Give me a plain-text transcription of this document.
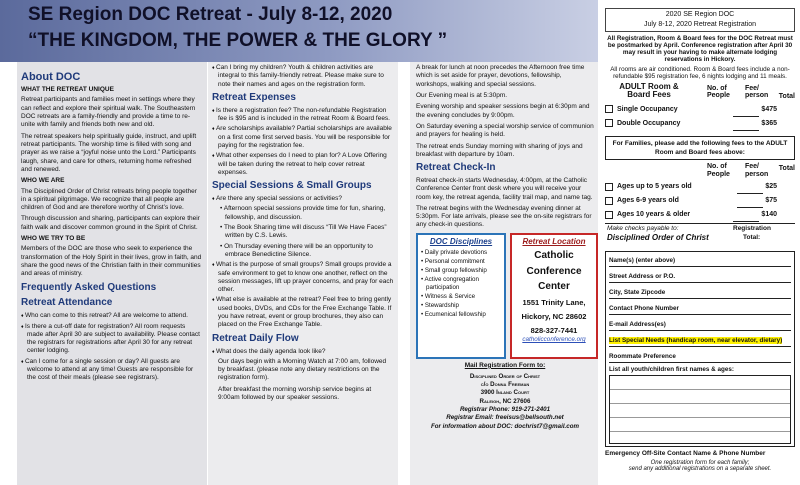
SE Region DOC Retreat - July 8-12, 2020
“THE KINGDOM, THE POWER & THE GLORY ”
About DOC
WHAT THE RETREAT UNIQUE

Retreat participants and families meet in settings where they can reflect and explore their spiritual walk. The Southeastern DOC retreats are a family-friendly and provide a time to re-unite with family and friends both new and old.

The retreat speakers help spiritually guide, instruct, and uplift retreat participants. The worship time is filled with song and prayer as we raise a “joyful noise unto the Lord.” Participants laugh, share, and care for others, returning home refreshed and renewed.

WHO WE ARE

The Disciplined Order of Christ retreats bring people together in a spiritual pilgrimage. We recognize that all people are children of God and are therefore worthy of Christ’s love.

Through discussion and sharing, participants can explore their faith walk and discover common ground in the Spirit of Christ.

WHO WE TRY TO BE

Members of the DOC are those who seek to experience the transformation of the Holy Spirit in their lives, grow in faith, and share the good news of the Christian faith in their communities and areas of ministry.

Frequently Asked Questions
Retreat Attendance
♦ Who can come to this retreat? All are welcome to attend.
♦ Is there a cut-off date for registration? All room requests made after April 30 are subject to availability. Please contact the registrars for registrations after April 30 for any retreat center lodging.
♦ Can I come for a single session or day? All guests are welcome to attend at any time! Guests are responsible for the cost of their meals (please see registrars).
♦ Can I bring my children? Youth & children activities are integral to this family-friendly retreat. Please make sure to note their names and ages on the registration form.
Retreat Expenses
♦ Is there a registration fee? The non-refundable Registration fee is $95 and is included in the retreat Room & Board fees.
♦ Are scholarships available? Partial scholarships are available on a first come first served basis. You will be responsible for paying for the registration fee.
♦ What other expenses do I need to plan for? A Love Offering will be taken during the retreat to help cover retreat expenses.
Special Sessions & Small Groups
♦ Are there any special sessions or activities?
• Afternoon special sessions provide time for fun, sharing, fellowship, and discussion.
• The Book Sharing time will discuss “Till We Have Faces” written by C.S. Lewis.
• On Thursday evening there will be an opportunity to embrace Benedictine Silence.
♦ What is the purpose of small groups? Small groups provide a safe environment to get to know one another, reflect on the session messages, lift up prayer concerns, and pray for each other.
♦ What else is available at the retreat? Feel free to bring gently used books, DVDs, and CDs for the Free Exchange Table. If you have retreat, event or group brochures, they also can placed on the Free Exchange Table.
Retreat Daily Flow
♦ What does the daily agenda look like?

Our days begin with a Morning Watch at 7:00 am, followed by breakfast. (please note any dietary restrictions on the registration form).

After breakfast the morning worship service begins at 9:00am followed by our speaker sessions.

A break for lunch at noon precedes the Afternoon free time which is set aside for prayer, devotions, fellowship, workshops, walking and special sessions.

Our Evening meal is at 5:30pm.

Evening worship and speaker sessions begin at 6:30pm and the evening concludes by 9:00pm.

On Saturday evening a special worship service of communion and prayers for healing is held.

The retreat ends Sunday morning with sharing of joys and breakfast with departure by 10am.

Retreat Check-In

Retreat check-in starts Wednesday, 4:00pm, at the Catholic Conference Center front desk where you will receive your room key, the retreat agenda, facility trail map, and name tag.

The retreat begins with the Wednesday evening dinner at 5:30pm. For late arrivals, please see the on-site registrars for any check-in questions.

DOC Disciplines
• Daily private devotions
• Personal commitment
• Small group fellowship
• Active congregation participation
• Witness & Service
• Stewardship
• Ecumenical fellowship
Retreat Location
Catholic
Conference
Center
1551 Trinity Lane,
Hickory, NC 28602
828-327-7441
catholicconference.org
Mail Registration Form to:
Disciplined Order of Christ
c/o Donna Freeman
3900 Inland Court
Raleigh, NC 27606
Registrar Phone: 919-271-2401
Registrar Email: freeisus@bellsouth.net
For information about DOC: dochrist7@gmail.com
2020 SE Region DOC
July 8-12, 2020 Retreat Registration
All Registration, Room & Board fees for the DOC Retreat must be postmarked by April. Conference registration after April 30 may result in your having to make alternate lodging reservations in Hickory.
All rooms are air conditioned. Room & Board fees include a non-refundable $95 registration fee, 6 nights lodging and 11 meals.
ADULT Room & Board Fees
No. of People
Fee/ person	Total
Single Occupancy	$475
Double Occupancy	$365
For Families, please add the following fees to the ADULT Room and Board fees above:
No. of People
Fee/ person
Total
Ages up to 5 years old	$25
Ages 6-9 years old	$75
Ages 10 years & older	$140
Make checks payable to:
Disciplined Order of Christ
Registration
Total:
Name(s) (enter above)
Street Address or P.O.
City, State Zipcode
Contact Phone Number
E-mail Address(es)
List Special Needs (handicap room, near elevator, dietary)
Roommate Preference
List all youth/children first names & ages:
Emergency Off-Site Contact Name & Phone Number
One registration form for each family;
send any additional registrations on a separate sheet.
